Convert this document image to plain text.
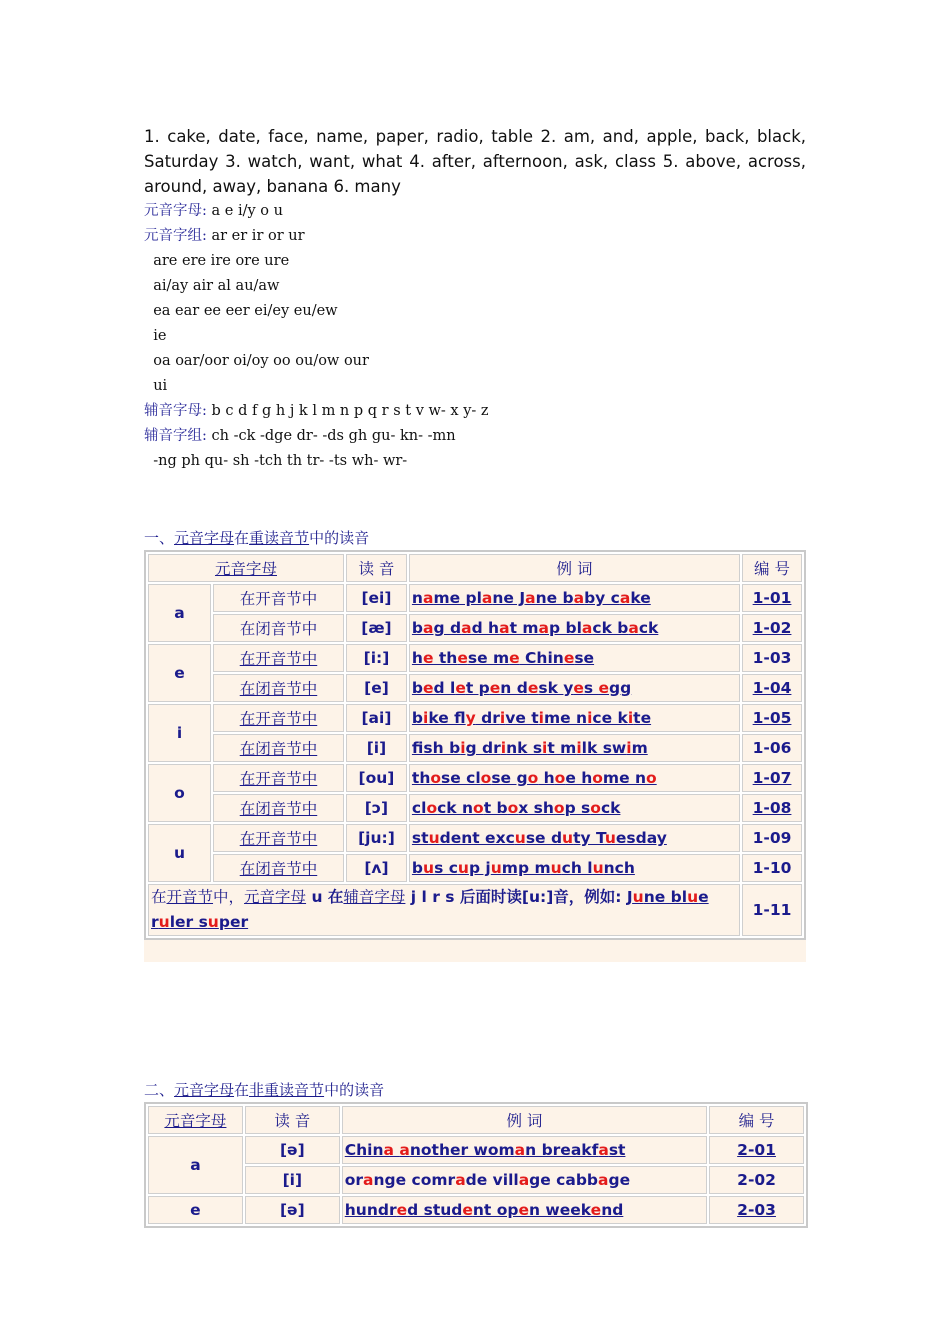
1. cake, date, face, name, paper, radio, table 2. am, and, apple, back, black, Saturday 3. watch, want, what 4. after, afternoon, ask, class 5. above, across, around, away, banana 6. many

元音字母: a e i/y o u
元音字组: ar er ir or ur
are ere ire ore ure
ai/ay air al au/aw
ea ear ee eer ei/ey eu/ew
ie
oa oar/oor oi/oy oo ou/ow our
ui
辅音字母: b c d f g h j k l m n p q r s t v w- x y- z
辅音字组: ch -ck -dge dr- -ds gh gu- kn- -mn
-ng ph qu- sh -tch th tr- -ts wh- wr-
一、元音字母在重读音节中的读音
元音字母		读 音	例 词	编 号
a	在开音节中	[ei]	name plane Jane baby cake	1-01
	在闭音节中	[æ]	bag dad hat map black back	1-02
e	在开音节中	[i:]	he these me Chinese	1-03
	在闭音节中	[e]	bed let pen desk yes egg	1-04
i	在开音节中	[ai]	bike fly drive time nice kite	1-05
	在闭音节中	[i]	fsh big drink sit milk swim	1-06
o	在开音节中	[ou]	those close go hoe home no	1-07
	在闭音节中	[ɔ]	clock not box shop sock	1-08
u	在开音节中	[ju:]	student excuse duty Tuesday	1-09
	在闭音节中	[ʌ]	bus cup jump much lunch	1-10
在开音节中，元音字母 u 在辅音字母 j l r s 后面时读[u:]音，例如: June blue ruler super				1-11
二、元音字母在非重读音节中的读音
元音字母	读 音	例 词	编 号
a	[ə]	China another woman breakfast	2-01
	[i]	orange comrade village cabbage	2-02
e	[ə]	hundred student open weekend	2-03
